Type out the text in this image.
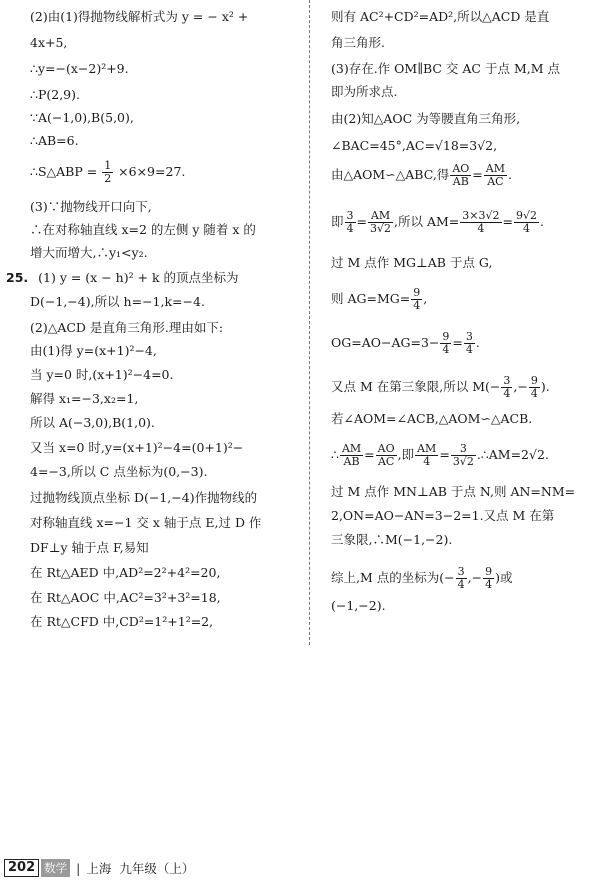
(2)由(1)得抛物线解析式为 y = − x² +
4x+5,
∴y=−(x−2)²+9.
∴P(2,9).
∵A(−1,0),B(5,0),
∴AB=6.
∴S△ABP = $\frac{1}{2} \times 6\times 9=27$.
(3)∵抛物线开口向下,
∴在对称轴直线 x=2 的左侧 y 随着 x 的
增大而增大,∴y₁<y₂.
25. (1) y = (x − h)² + k 的顶点坐标为
D(−1,−4),所以 h=−1,k=−4.
(2)△ACD 是直角三角形.理由如下:
由(1)得 y=(x+1)²−4,
当 y=0 时,(x+1)²−4=0.
解得 x₁=−3,x₂=1,
所以 A(−3,0),B(1,0).
又当 x=0 时,y=(x+1)²−4=(0+1)²−
4=−3,所以 C 点坐标为(0,−3).
过抛物线顶点坐标 D(−1,−4)作抛物线的
对称轴直线 x=−1 交 x 轴于点 E,过 D 作
DF⊥y 轴于点 F,易知
在 Rt△AED 中,AD²=2²+4²=20,
在 Rt△AOC 中,AC²=3²+3²=18,
在 Rt△CFD 中,CD²=1²+1²=2,
则有 AC²+CD²=AD²,所以△ACD 是直
角三角形.
(3)存在.作 OM∥BC 交 AC 于点 M,M 点
即为所求点.
由(2)知△AOC 为等腰直角三角形,
∠BAC=45°,AC=√18=3√2,
由△AOM∽△ABC,得 $\frac{AO}{AB} = \frac{AM}{AC}$ .
即 $\frac{3}{4} = \frac{AM}{3√2}$ ,所以 $AM= \frac{3\times 3√2}{4} = \frac{9√2}{4}$ .
过 M 点作 MG⊥AB 于点 G,
则 $AG=MG= \frac{9}{4}$ ,
$OG=AO-AG=3- \frac{9}{4} = \frac{3}{4}$ .
又点 M 在第三象限,所以 $M(- \frac{3}{4}$ ,− $\frac{9}{4}$ ).
若∠AOM=∠ACB,△AOM∽△ACB.
∴ $\frac{AM}{AB} = \frac{AO}{AC}$ ,即 $\frac{AM}{4} = \frac{3}{3√2}$ .∴AM=2√2.
过 M 点作 MN⊥AB 于点 N,则 AN=NM=
2,ON=AO−AN=3−2=1.又点 M 在第
三象限,∴M(−1,−2).
综上,M 点的坐标为(− $\frac{3}{4}$ ,− $\frac{9}{4}$ )或
(−1,−2).
202 数学 | 上海 九年级（上）
